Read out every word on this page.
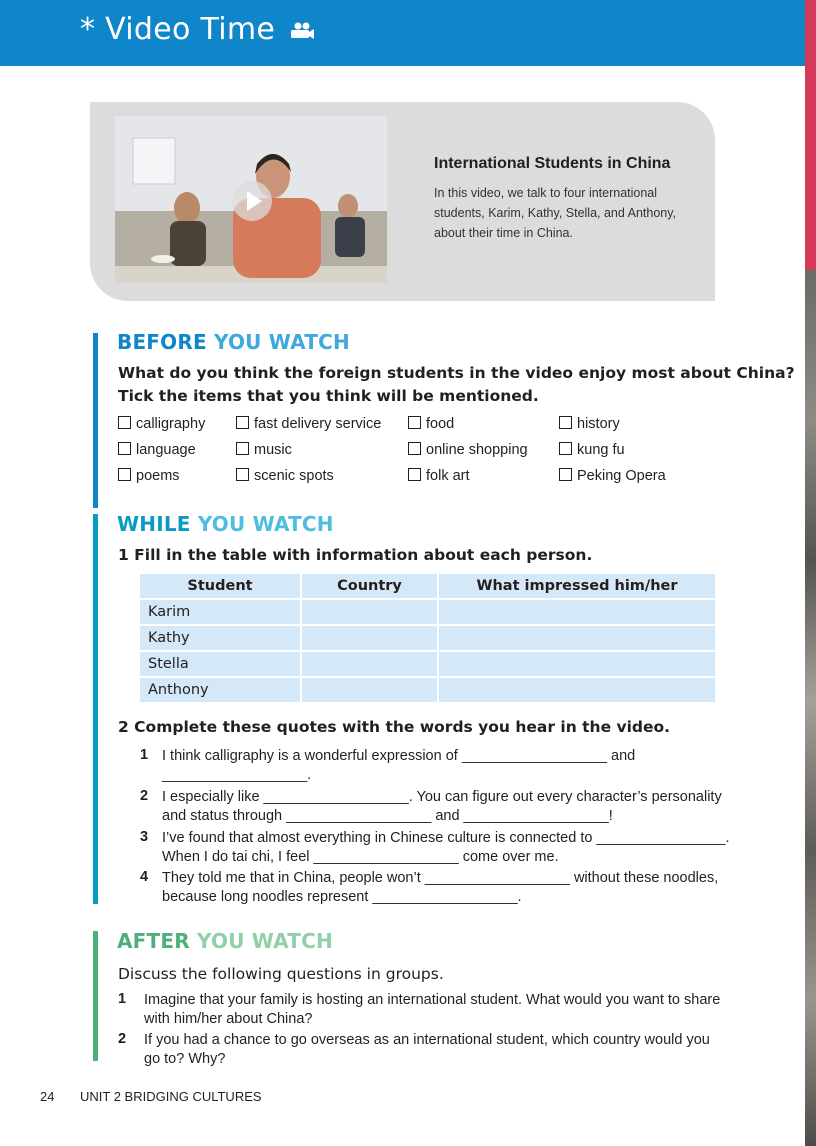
* Video Time
International Students in China
In this video, we talk to four international students, Karim, Kathy, Stella, and Anthony, about their time in China.
BEFORE YOU WATCH
What do you think the foreign students in the video enjoy most about China?
Tick the items that you think will be mentioned.
calligraphy	fast delivery service	food	history
language	music	online shopping	kung fu
poems	scenic spots	folk art	Peking Opera
WHILE YOU WATCH
1 Fill in the table with information about each person.
Student	Country	What impressed him/her
Karim
Kathy
Stella
Anthony
2 Complete these quotes with the words you hear in the video.
1 I think calligraphy is a wonderful expression of __________________ and
__________________.
2 I especially like __________________. You can figure out every character’s personality
and status through __________________ and __________________!
3 I’ve found that almost everything in Chinese culture is connected to ________________.
When I do tai chi, I feel __________________ come over me.
4 They told me that in China, people won’t __________________ without these noodles,
because long noodles represent __________________.
AFTER YOU WATCH
Discuss the following questions in groups.
1 Imagine that your family is hosting an international student. What would you want to share
with him/her about China?
2 If you had a chance to go overseas as an international student, which country would you
go to? Why?
24 UNIT 2 BRIDGING CULTURES
